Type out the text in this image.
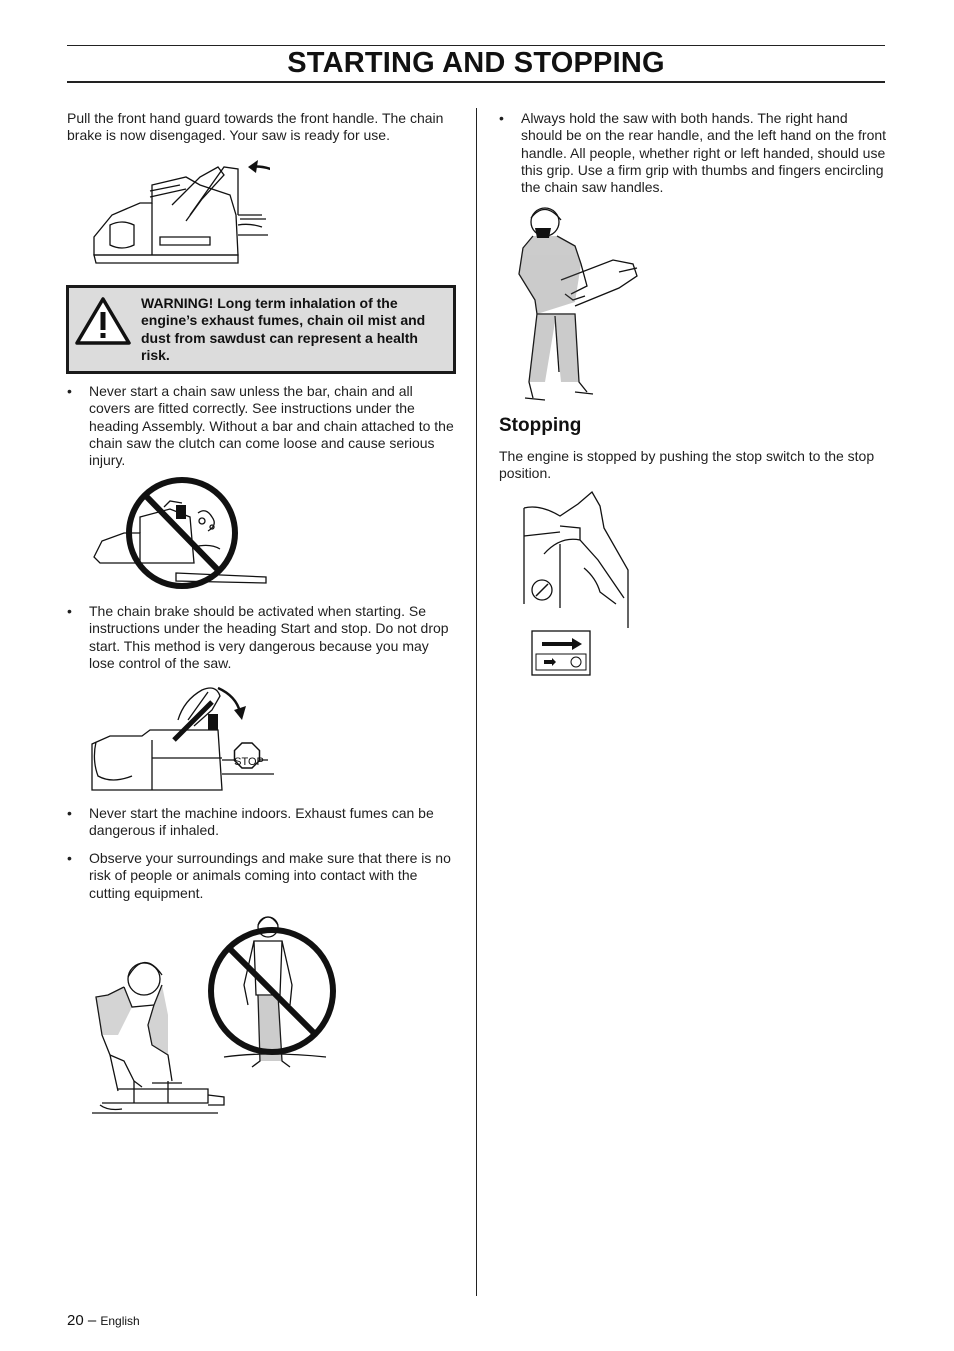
STARTING AND STOPPING
Pull the front hand guard towards the front handle. The chain brake is now disengaged. Your saw is ready for use.
WARNING! Long term inhalation of the engine’s exhaust fumes, chain oil mist and dust from sawdust can represent a health risk.
•	Never start a chain saw unless the bar, chain and all covers are fitted correctly. See instructions under the heading Assembly. Without a bar and chain attached to the chain saw the clutch can come loose and cause serious injury.
•	The chain brake should be activated when starting. Se instructions under the heading Start and stop. Do not drop start. This method is very dangerous because you may lose control of the saw.
STOP
•	Never start the machine indoors. Exhaust fumes can be dangerous if inhaled.
•	Observe your surroundings and make sure that there is no risk of people or animals coming into contact with the cutting equipment.
•	Always hold the saw with both hands. The right hand should be on the rear handle, and the left hand on the front handle. All people, whether right or left handed, should use this grip. Use a firm grip with thumbs and fingers encircling the chain saw handles.
Stopping
The engine is stopped by pushing the stop switch to the stop position.
20 – English
